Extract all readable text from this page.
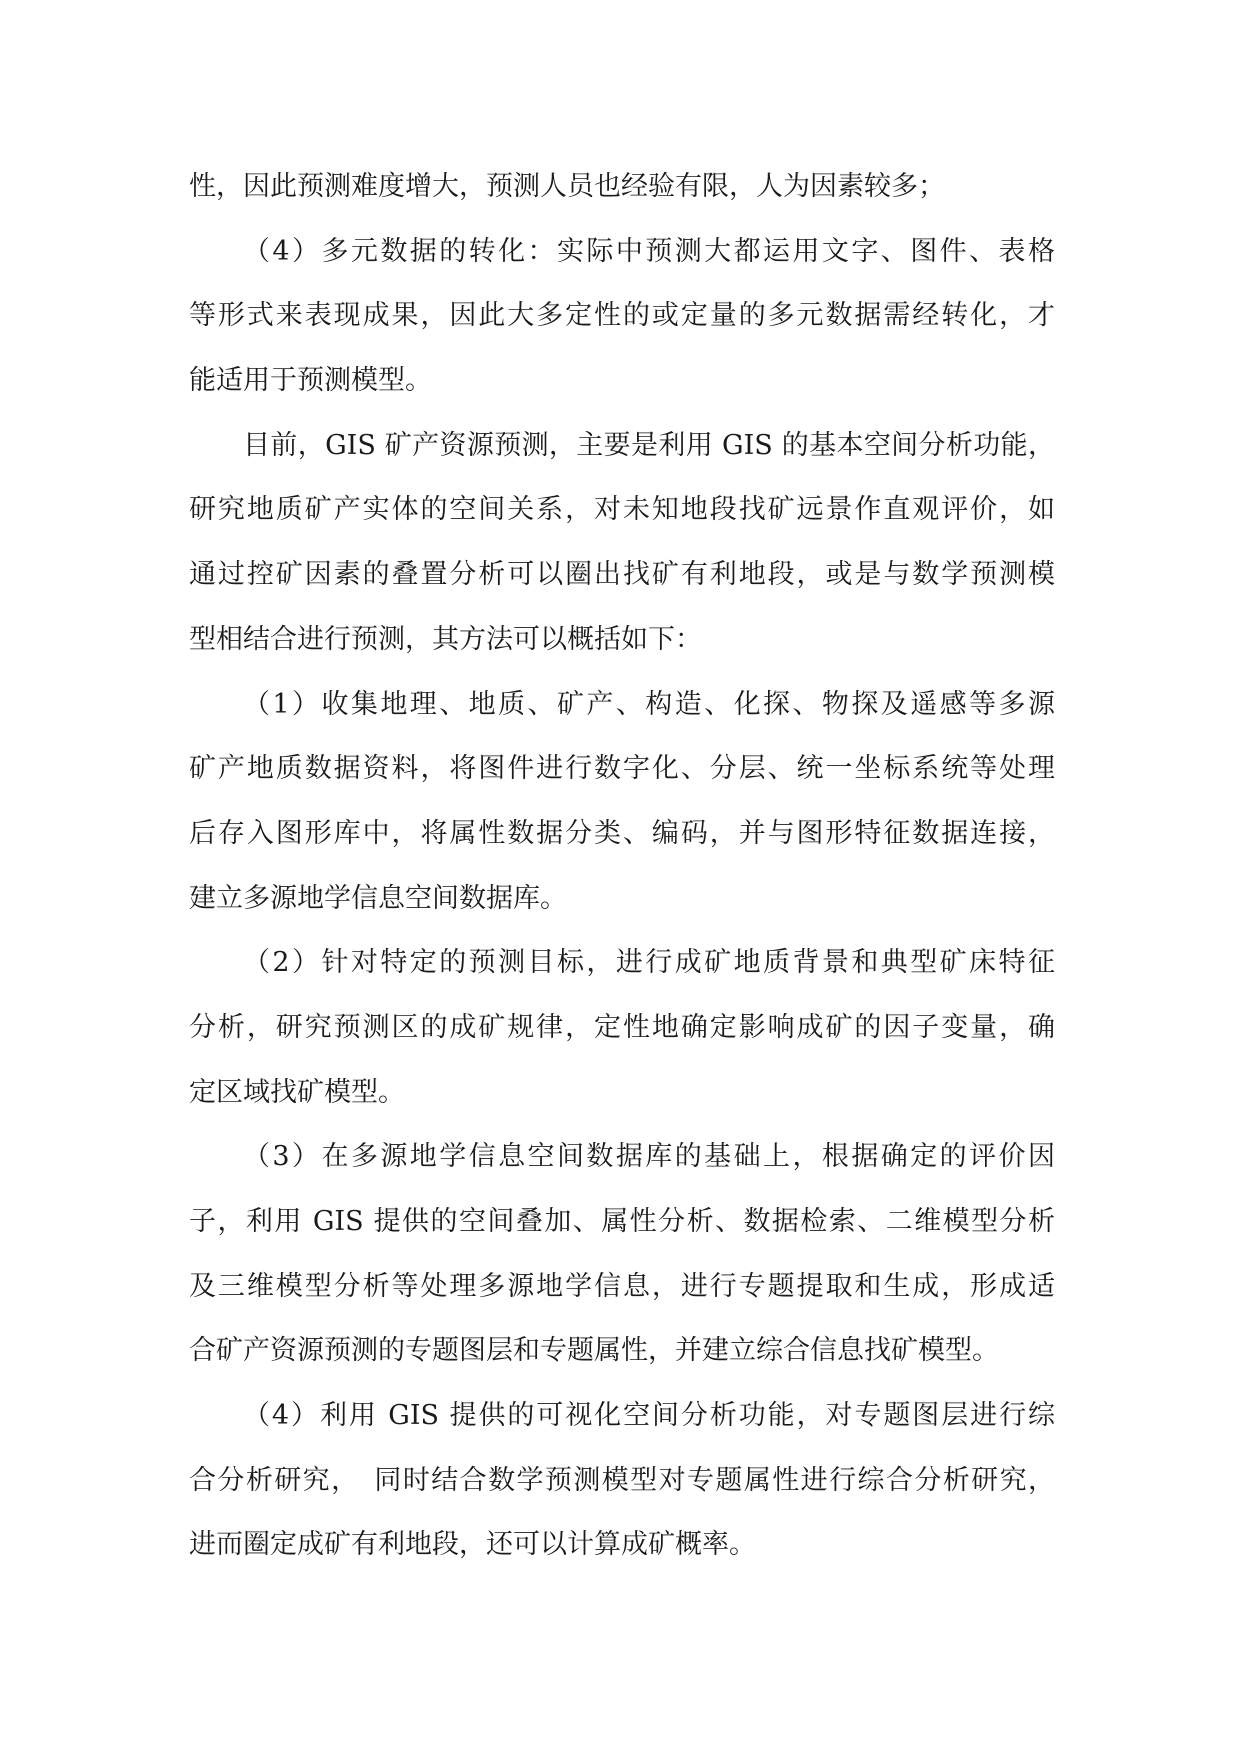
性，因此预测难度增大，预测人员也经验有限，人为因素较多；
（4）多元数据的转化：实际中预测大都运用文字、图件、表格
等形式来表现成果，因此大多定性的或定量的多元数据需经转化，才
能适用于预测模型。
目前，GIS 矿产资源预测，主要是利用 GIS 的基本空间分析功能，
研究地质矿产实体的空间关系，对未知地段找矿远景作直观评价，如
通过控矿因素的叠置分析可以圈出找矿有利地段，或是与数学预测模
型相结合进行预测，其方法可以概括如下：
（1）收集地理、地质、矿产、构造、化探、物探及遥感等多源
矿产地质数据资料，将图件进行数字化、分层、统一坐标系统等处理
后存入图形库中，将属性数据分类、编码，并与图形特征数据连接，
建立多源地学信息空间数据库。
（2）针对特定的预测目标，进行成矿地质背景和典型矿床特征
分析，研究预测区的成矿规律，定性地确定影响成矿的因子变量，确
定区域找矿模型。
（3）在多源地学信息空间数据库的基础上，根据确定的评价因
子，利用 GIS 提供的空间叠加、属性分析、数据检索、二维模型分析
及三维模型分析等处理多源地学信息，进行专题提取和生成，形成适
合矿产资源预测的专题图层和专题属性，并建立综合信息找矿模型。
（4）利用 GIS 提供的可视化空间分析功能，对专题图层进行综
合分析研究，　同时结合数学预测模型对专题属性进行综合分析研究，
进而圈定成矿有利地段，还可以计算成矿概率。
